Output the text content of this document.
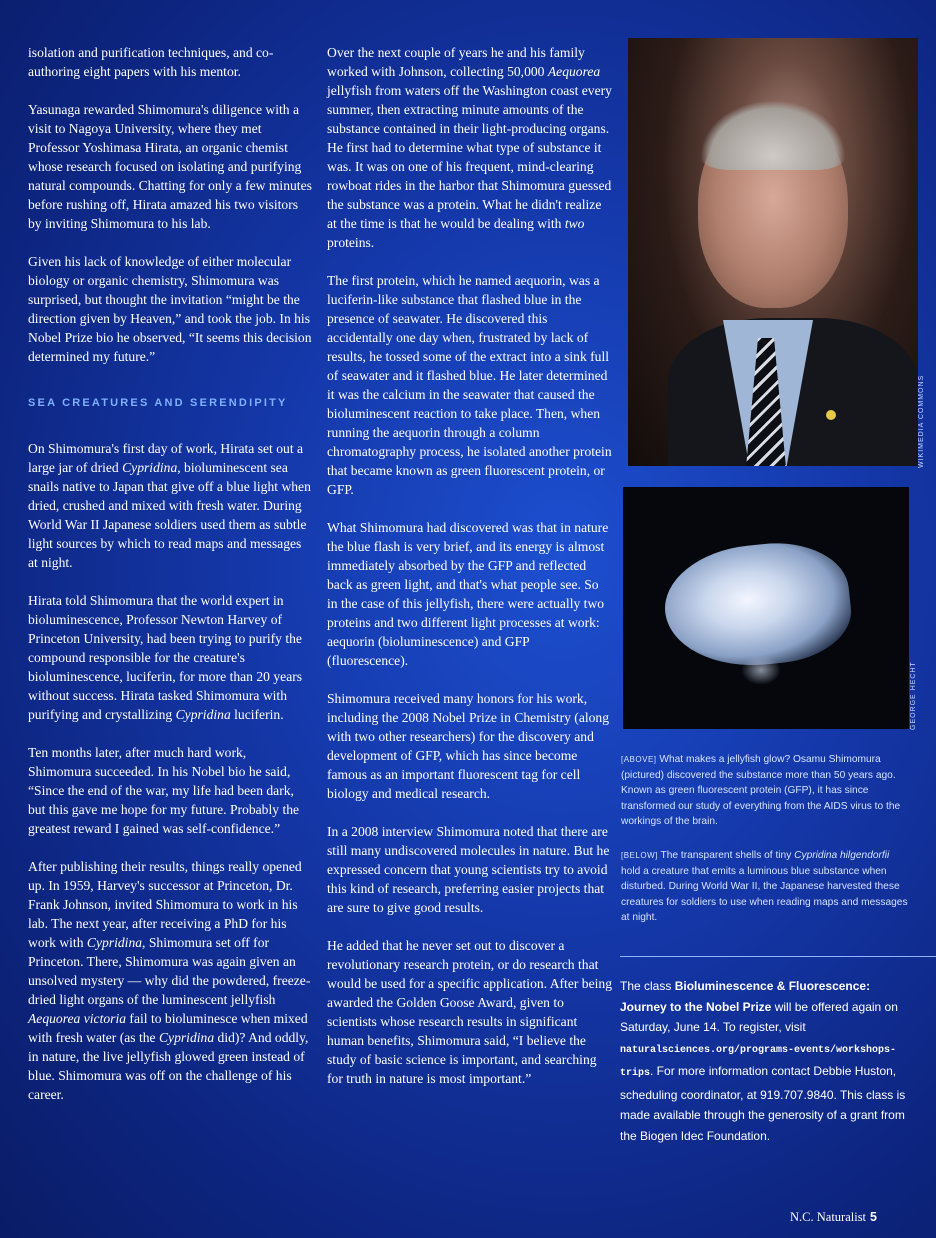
isolation and purification techniques, and co-authoring eight papers with his mentor.

Yasunaga rewarded Shimomura's diligence with a visit to Nagoya University, where they met Professor Yoshimasa Hirata, an organic chemist whose research focused on isolating and purifying natural compounds. Chatting for only a few minutes before rushing off, Hirata amazed his two visitors by inviting Shimomura to his lab.

Given his lack of knowledge of either molecular biology or organic chemistry, Shimomura was surprised, but thought the invitation “might be the direction given by Heaven,” and took the job. In his Nobel Prize bio he observed, “It seems this decision determined my future.”

SEA CREATURES AND SERENDIPITY

On Shimomura's first day of work, Hirata set out a large jar of dried Cypridina, bioluminescent sea snails native to Japan that give off a blue light when dried, crushed and mixed with fresh water. During World War II Japanese soldiers used them as subtle light sources by which to read maps and messages at night.

Hirata told Shimomura that the world expert in bioluminescence, Professor Newton Harvey of Princeton University, had been trying to purify the compound responsible for the creature's bioluminescence, luciferin, for more than 20 years without success. Hirata tasked Shimomura with purifying and crystallizing Cypridina luciferin.

Ten months later, after much hard work, Shimomura succeeded. In his Nobel bio he said, “Since the end of the war, my life had been dark, but this gave me hope for my future. Probably the greatest reward I gained was self-confidence.”

After publishing their results, things really opened up. In 1959, Harvey's successor at Princeton, Dr. Frank Johnson, invited Shimomura to work in his lab. The next year, after receiving a PhD for his work with Cypridina, Shimomura set off for Princeton. There, Shimomura was again given an unsolved mystery — why did the powdered, freeze-dried light organs of the luminescent jellyfish Aequorea victoria fail to bioluminesce when mixed with fresh water (as the Cypridina did)? And oddly, in nature, the live jellyfish glowed green instead of blue. Shimomura was off on the challenge of his career.

Over the next couple of years he and his family worked with Johnson, collecting 50,000 Aequorea jellyfish from waters off the Washington coast every summer, then extracting minute amounts of the substance contained in their light-producing organs. He first had to determine what type of substance it was. It was on one of his frequent, mind-clearing rowboat rides in the harbor that Shimomura guessed the substance was a protein. What he didn't realize at the time is that he would be dealing with two proteins.

The first protein, which he named aequorin, was a luciferin-like substance that flashed blue in the presence of seawater. He discovered this accidentally one day when, frustrated by lack of results, he tossed some of the extract into a sink full of seawater and it flashed blue. He later determined it was the calcium in the seawater that caused the bioluminescent reaction to take place. Then, when running the aequorin through a column chromatography process, he isolated another protein that became known as green fluorescent protein, or GFP.

What Shimomura had discovered was that in nature the blue flash is very brief, and its energy is almost immediately absorbed by the GFP and reflected back as green light, and that's what people see. So in the case of this jellyfish, there were actually two proteins and two different light processes at work: aequorin (bioluminescence) and GFP (fluorescence).

Shimomura received many honors for his work, including the 2008 Nobel Prize in Chemistry (along with two other researchers) for the discovery and development of GFP, which has since become famous as an important fluorescent tag for cell biology and medical research.

In a 2008 interview Shimomura noted that there are still many undiscovered molecules in nature. But he expressed concern that young scientists try to avoid this kind of research, preferring easier projects that are sure to give good results.

He added that he never set out to discover a revolutionary research protein, or do research that would be used for a specific application. After being awarded the Golden Goose Award, given to scientists whose research results in significant human benefits, Shimomura said, “I believe the study of basic science is important, and searching for truth in nature is most important.”

WIKIMEDIA COMMONS
GEORGE HECHT
[ABOVE] What makes a jellyfish glow? Osamu Shimomura (pictured) discovered the substance more than 50 years ago. Known as green fluorescent protein (GFP), it has since transformed our study of everything from the AIDS virus to the workings of the brain.
[BELOW] The transparent shells of tiny Cypridina hilgendorfii hold a creature that emits a luminous blue substance when disturbed. During World War II, the Japanese harvested these creatures for soldiers to use when reading maps and messages at night.
The class Bioluminescence & Fluorescence: Journey to the Nobel Prize will be offered again on Saturday, June 14. To register, visit naturalsciences.org/programs-events/workshops-trips. For more information contact Debbie Huston, scheduling coordinator, at 919.707.9840. This class is made available through the generosity of a grant from the Biogen Idec Foundation.
N.C. Naturalist 5
